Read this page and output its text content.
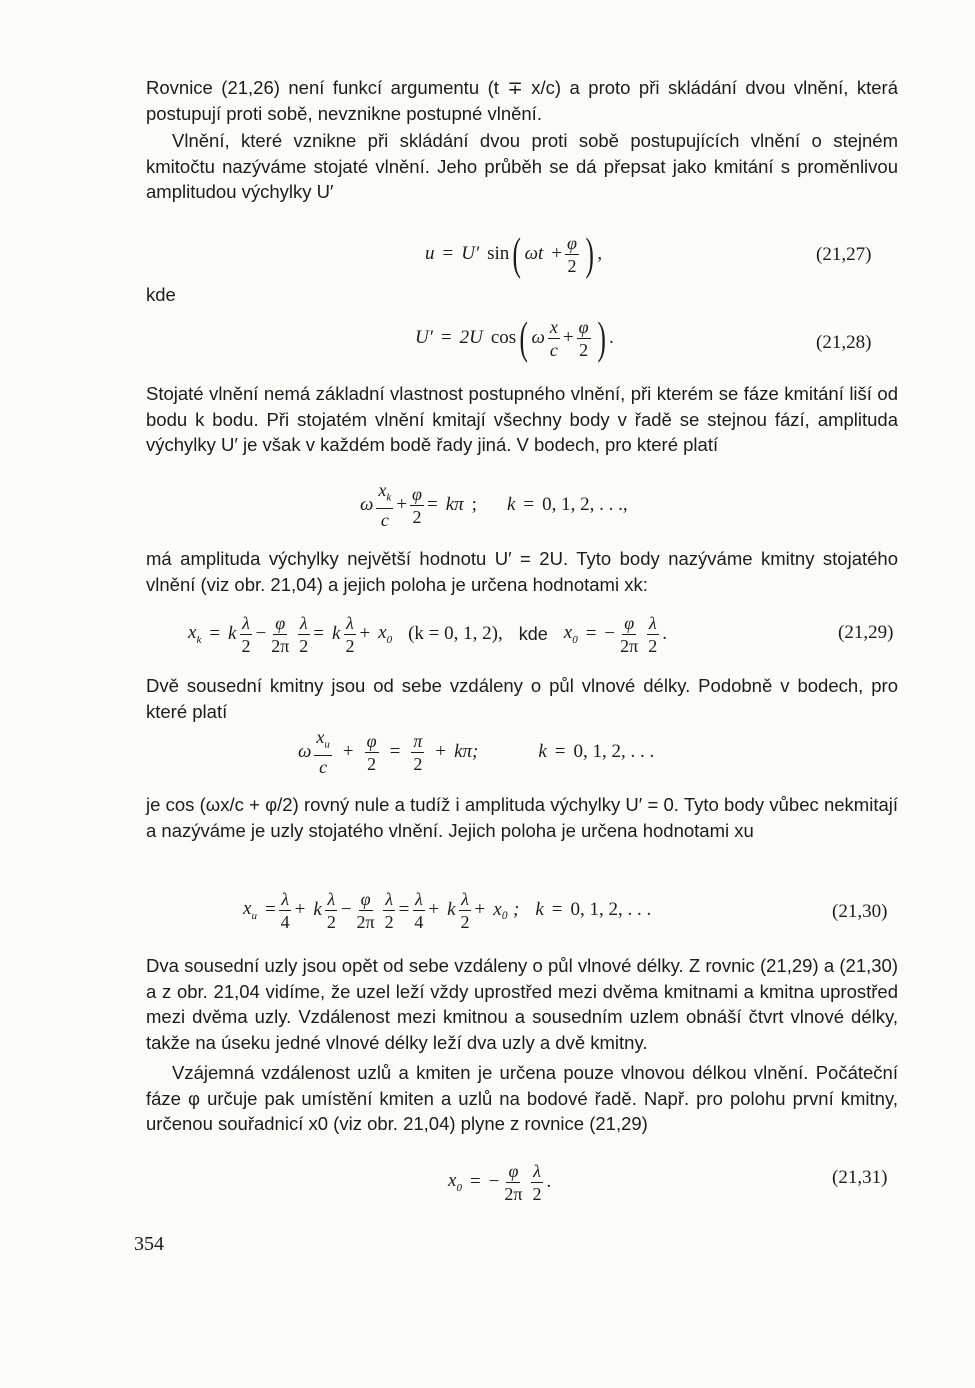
Rovnice (21,26) není funkcí argumentu (t ∓ x/c) a proto při skládání dvou vlnění, která postupují proti sobě, nevznikne postupné vlnění.

Vlnění, které vznikne při skládání dvou proti sobě postupujících vlnění o stejném kmitočtu nazýváme stojaté vlnění. Jeho průběh se dá přepsat jako kmitání s proměnlivou amplitudou výchylky U′

u = U′ sin ( $\omega t + \frac{\varphi}{2}$ ) ,	(21,27)
kde
U′ = 2U cos ( ω $\frac{x}{c} + \frac{\varphi}{2}$ ) .	(21,28)

Stojaté vlnění nemá základní vlastnost postupného vlnění, při kterém se fáze kmitání liší od bodu k bodu. Při stojatém vlnění kmitají všechny body v řadě se stejnou fází, amplituda výchylky U′ je však v každém bodě řady jiná. V bodech, pro které platí

ω $\frac{x_k}{c} + \frac{\varphi}{2} = k\pi$ ; k = 0, 1, 2, . . .,

má amplituda výchylky největší hodnotu U′ = 2U. Tyto body nazýváme kmitny stojatého vlnění (viz obr. 21,04) a jejich poloha je určena hodnotami xk:

$x_k = k \frac{\lambda}{2} - \frac{\varphi}{2\pi} \frac{\lambda}{2} = k \frac{\lambda}{2} + x_0$ (k = 0, 1, 2), kde $x_0$ = − $\frac{\varphi}{2\pi} \frac{\lambda}{2}$ .	(21,29)

Dvě sousední kmitny jsou od sebe vzdáleny o půl vlnové délky. Podobně v bodech, pro které platí

ω $\frac{x_u}{c} + \frac{\varphi}{2} = \frac{\pi}{2} + k\pi$;	k = 0, 1, 2, . . .

je cos (ωx/c + φ/2) rovný nule a tudíž i amplituda výchylky U′ = 0. Tyto body vůbec nekmitají a nazýváme je uzly stojatého vlnění. Jejich poloha je určena hodnotami xu

$x_u = \frac{\lambda}{4} + k \frac{\lambda}{2} - \frac{\varphi}{2\pi} \frac{\lambda}{2} = \frac{\lambda}{4} + k \frac{\lambda}{2} + x_0$ ; k = 0, 1, 2, . . .	(21,30)

Dva sousední uzly jsou opět od sebe vzdáleny o půl vlnové délky. Z rovnic (21,29) a (21,30) a z obr. 21,04 vidíme, že uzel leží vždy uprostřed mezi dvěma kmitnami a kmitna uprostřed mezi dvěma uzly. Vzdálenost mezi kmitnou a sousedním uzlem obnáší čtvrt vlnové délky, takže na úseku jedné vlnové délky leží dva uzly a dvě kmitny.

Vzájemná vzdálenost uzlů a kmiten je určena pouze vlnovou délkou vlnění. Počáteční fáze φ určuje pak umístění kmiten a uzlů na bodové řadě. Např. pro polohu první kmitny, určenou souřadnicí x0 (viz obr. 21,04) plyne z rovnice (21,29)

$x_0$ = − $\frac{\varphi}{2\pi} \frac{\lambda}{2}$ .	(21,31)
354
